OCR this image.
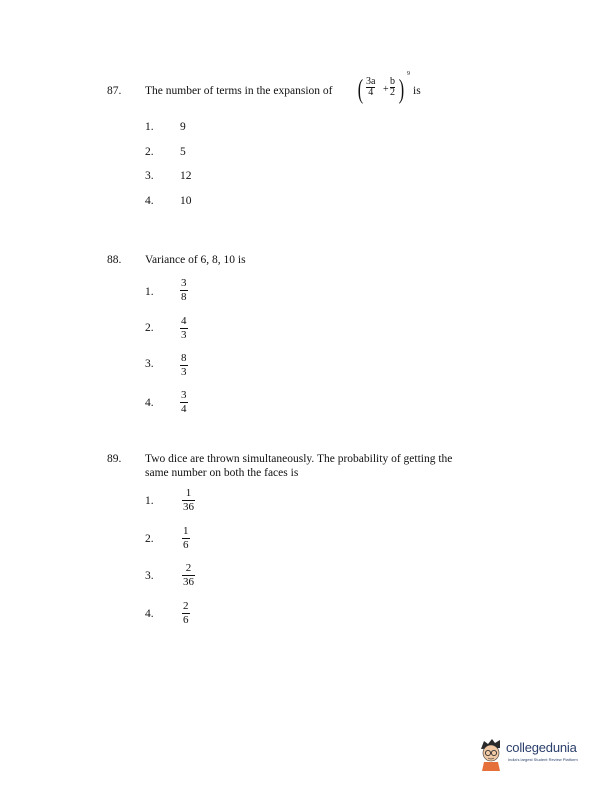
87. The number of terms in the expansion of ( 3a
4 +
b
2 ) 9
is
1. 9
2. 5
3. 12
4. 10
88. Variance of 6, 8, 10 is
1.
3
8
2.
4
3
3. 8
3
4.
3
4
89. Two dice are thrown simultaneously. The probability of getting the
same number on both the faces is
1.
1
36
2.
1
6
3.
2
36
4.
2
6
collegedunia
India's largest Student Review Platform
